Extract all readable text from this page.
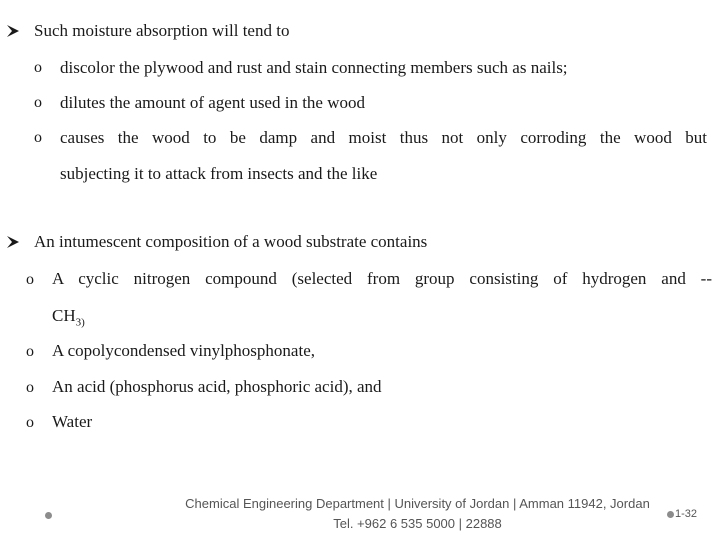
Such moisture absorption will tend to
o discolor the plywood and rust and stain connecting members such as nails;
o dilutes the amount of agent used in the wood
o causes the wood to be damp and moist thus not only corroding the wood but
subjecting it to attack from insects and the like
An intumescent composition of a wood substrate contains
o A cyclic nitrogen compound (selected from group consisting of hydrogen and --
$CH_{3)}$
o A copolycondensed vinylphosphonate,
o An acid (phosphorus acid, phosphoric acid), and
o Water
Chemical Engineering Department | University of Jordan | Amman 11942, Jordan
Tel. +962 6 535 5000 | 22888
1-32
